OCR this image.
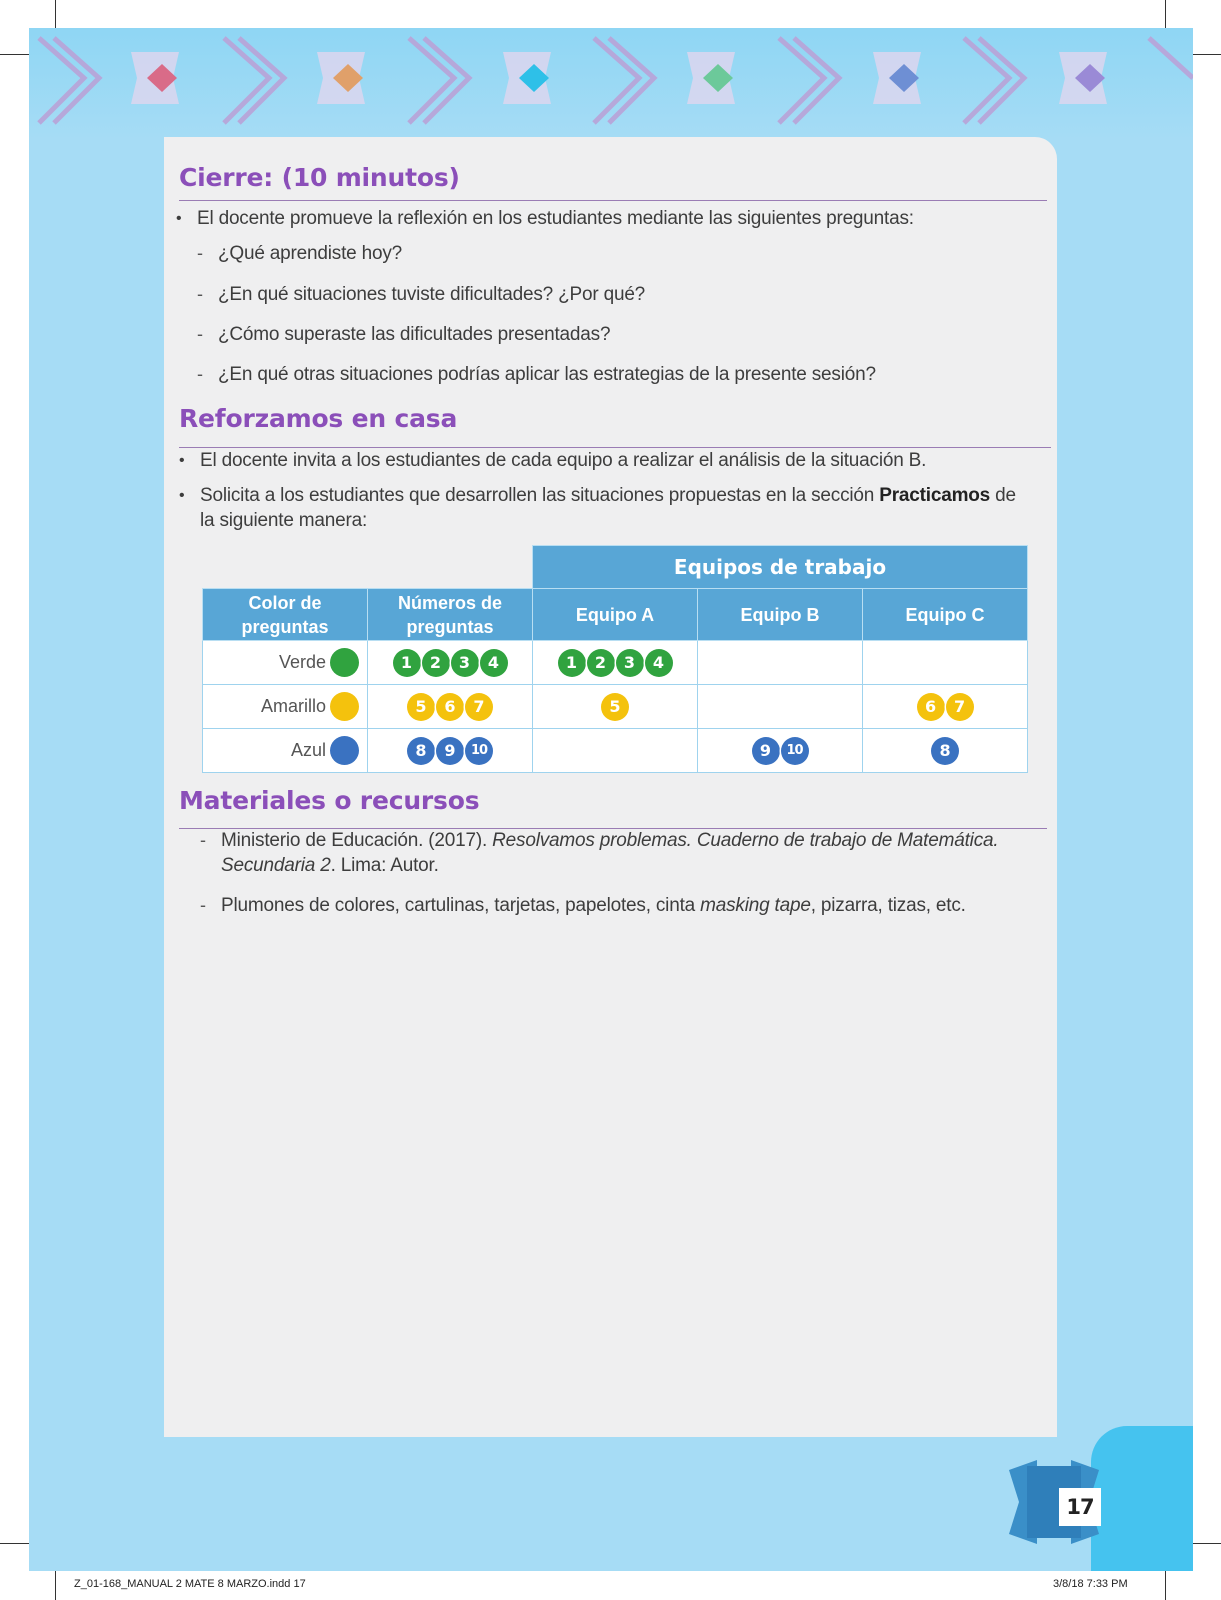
Cierre: (10 minutos)
• El docente promueve la reflexión en los estudiantes mediante las siguientes preguntas:
- ¿Qué aprendiste hoy?
- ¿En qué situaciones tuviste dificultades? ¿Por qué?
- ¿Cómo superaste las dificultades presentadas?
- ¿En qué otras situaciones podrías aplicar las estrategias de la presente sesión?
Reforzamos en casa
• El docente invita a los estudiantes de cada equipo a realizar el análisis de la situación B.
• Solicita a los estudiantes que desarrollen las situaciones propuestas en la sección Practicamos de
la siguiente manera:
Materiales o recursos
- Ministerio de Educación. (2017). Resolvamos problemas. Cuaderno de trabajo de Matemática.
Secundaria 2. Lima: Autor.
- Plumones de colores, cartulinas, tarjetas, papelotes, cinta masking tape, pizarra, tizas, etc.
		Equipos de trabajo		
Color de preguntas	Números de preguntas	Equipo A	Equipo B	Equipo C
Verde	1 2 3 4	1 2 3 4		
Amarillo	5 6 7	5		6 7
Azul	8 9 10		9 10	8
17
Z_01-168_MANUAL 2 MATE 8 MARZO.indd 17	3/8/18 7:33 PM
